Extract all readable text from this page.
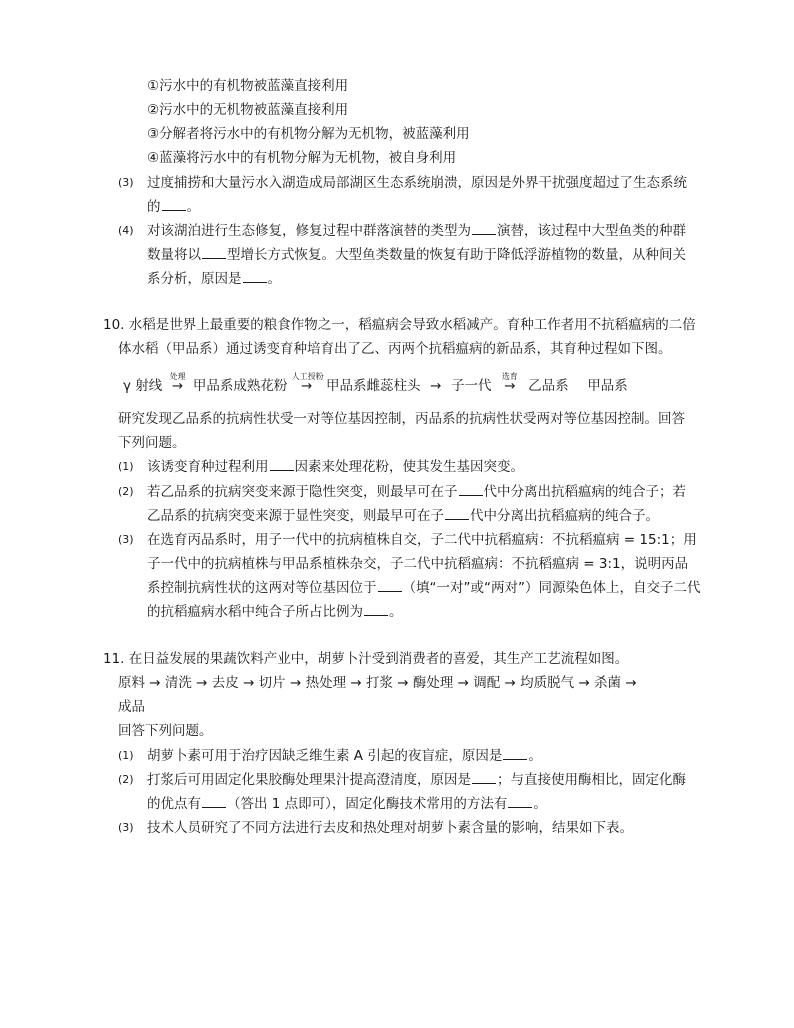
①污水中的有机物被蓝藻直接利用
②污水中的无机物被蓝藻直接利用
③分解者将污水中的有机物分解为无机物，被蓝藻利用
④蓝藻将污水中的有机物分解为无机物，被自身利用
(3) 过度捕捞和大量污水入湖造成局部湖区生态系统崩溃，原因是外界干扰强度超过了生态系统
的 。
(4) 对该湖泊进行生态修复，修复过程中群落演替的类型为 演替，该过程中大型鱼类的种群
数量将以 型增长方式恢复。大型鱼类数量的恢复有助于降低浮游植物的数量，从种间关
系分析，原因是 。
10. 水稻是世界上最重要的粮食作物之一，稻瘟病会导致水稻减产。育种工作者用不抗稻瘟病的二倍
体水稻（甲品系）通过诱变育种培育出了乙、丙两个抗稻瘟病的新品系，其育种过程如下图。
γ 射线
处理
→ 甲品系成熟花粉
人工授粉
→ 甲品系雌蕊柱头 → 子一代
选育
→ 乙品系 甲品系
研究发现乙品系的抗病性状受一对等位基因控制，丙品系的抗病性状受两对等位基因控制。回答
下列问题。
(1) 该诱变育种过程利用 因素来处理花粉，使其发生基因突变。
(2) 若乙品系的抗病突变来源于隐性突变，则最早可在子 代中分离出抗稻瘟病的纯合子；若
乙品系的抗病突变来源于显性突变，则最早可在子 代中分离出抗稻瘟病的纯合子。
(3) 在选育丙品系时，用子一代中的抗病植株自交，子二代中抗稻瘟病：不抗稻瘟病 = 15:1；用
子一代中的抗病植株与甲品系植株杂交，子二代中抗稻瘟病：不抗稻瘟病 = 3:1，说明丙品
系控制抗病性状的这两对等位基因位于 （填“一对”或“两对”）同源染色体上，自交子二代
的抗稻瘟病水稻中纯合子所占比例为 。
11. 在日益发展的果蔬饮料产业中，胡萝卜汁受到消费者的喜爱，其生产工艺流程如图。
原料 → 清洗 → 去皮 → 切片 → 热处理 → 打浆 → 酶处理 → 调配 → 均质脱气 → 杀菌 →
成品
回答下列问题。
(1) 胡萝卜素可用于治疗因缺乏维生素 A 引起的夜盲症，原因是 。
(2) 打浆后可用固定化果胶酶处理果汁提高澄清度，原因是 ；与直接使用酶相比，固定化酶
的优点有 （答出 1 点即可），固定化酶技术常用的方法有 。
(3) 技术人员研究了不同方法进行去皮和热处理对胡萝卜素含量的影响，结果如下表。
